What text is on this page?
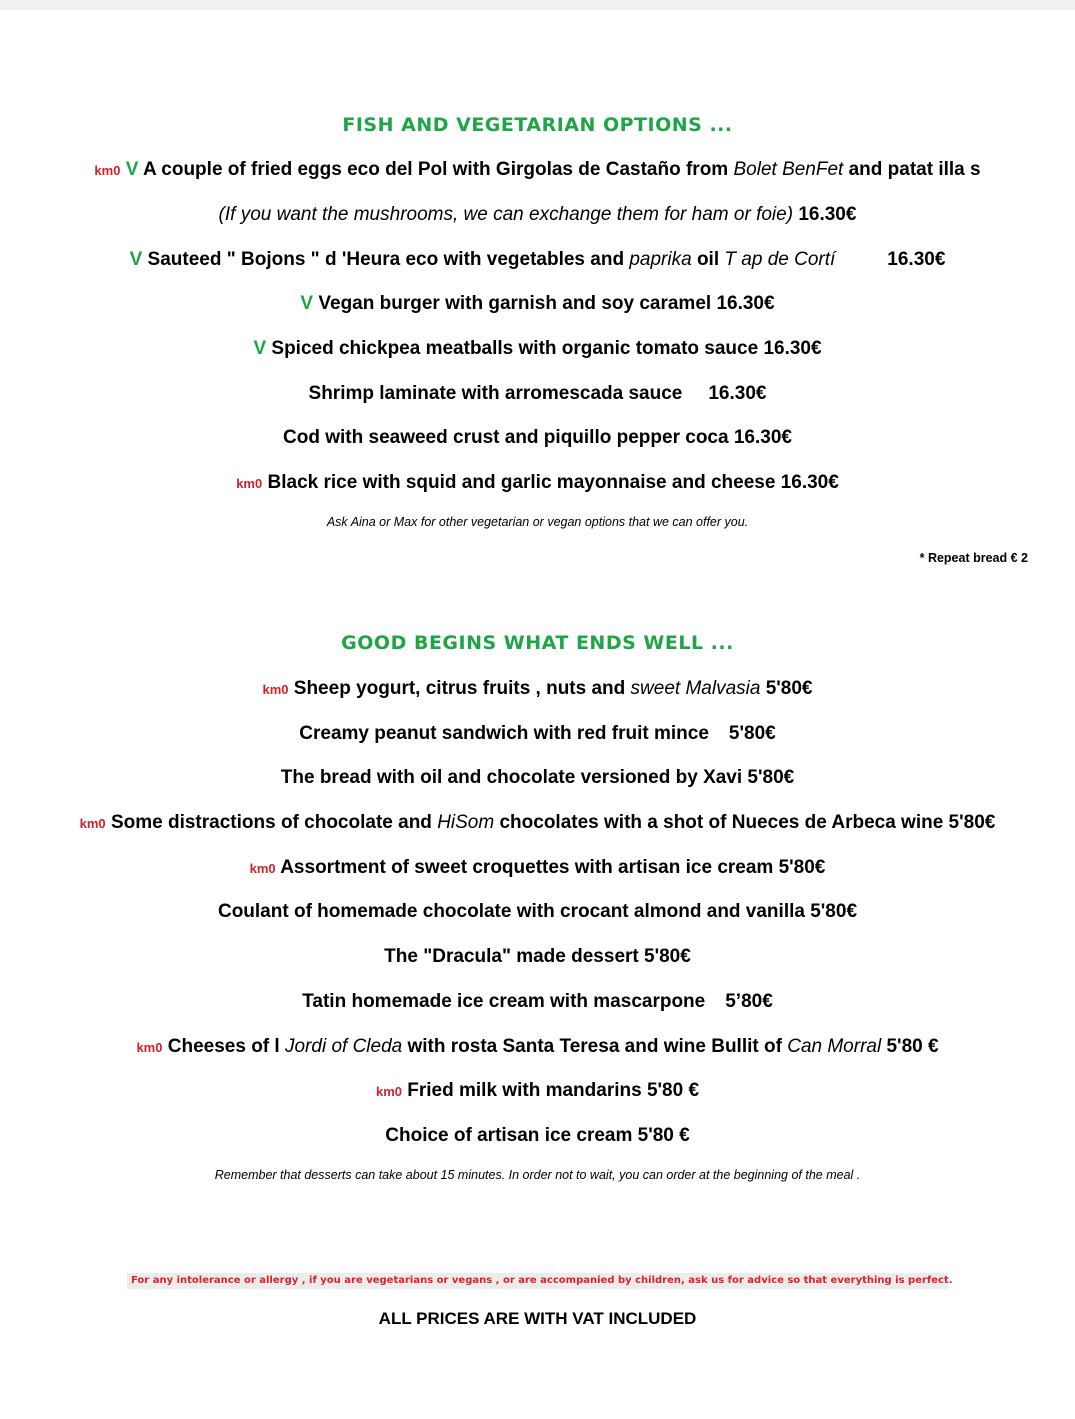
FISH AND VEGETARIAN OPTIONS ...
km0 V A couple of fried eggs eco del Pol with Girgolas de Castaño from Bolet BenFet and patat illa s
(If you want the mushrooms, we can exchange them for ham or foie) 16.30€
V Sauteed " Bojons " d 'Heura eco with vegetables and paprika oil T ap de Cortí	16.30€
V Vegan burger with garnish and soy caramel 16.30€
V Spiced chickpea meatballs with organic tomato sauce 16.30€
Shrimp laminate with arromescada sauce 16.30€
Cod with seaweed crust and piquillo pepper coca 16.30€
km0 Black rice with squid and garlic mayonnaise and cheese 16.30€
Ask Aina or Max for other vegetarian or vegan options that we can offer you.
* Repeat bread € 2
GOOD BEGINS WHAT ENDS WELL ...
km0 Sheep yogurt, citrus fruits , nuts and sweet Malvasia 5'80€
Creamy peanut sandwich with red fruit mince 5'80€
The bread with oil and chocolate versioned by Xavi 5'80€
km0 Some distractions of chocolate and HiSom chocolates with a shot of Nueces de Arbeca wine 5'80€
km0 Assortment of sweet croquettes with artisan ice cream 5'80€
Coulant of homemade chocolate with crocant almond and vanilla 5'80€
The "Dracula" made dessert 5'80€
Tatin homemade ice cream with mascarpone 5’80€
km0 Cheeses of l Jordi of Cleda with rosta Santa Teresa and wine Bullit of Can Morral 5'80 €
km0 Fried milk with mandarins 5'80 €
Choice of artisan ice cream 5'80 €
Remember that desserts can take about 15 minutes. In order not to wait, you can order at the beginning of the meal .
For any intolerance or allergy , if you are vegetarians or vegans , or are accompanied by children, ask us for advice so that everything is perfect.
ALL PRICES ARE WITH VAT INCLUDED
